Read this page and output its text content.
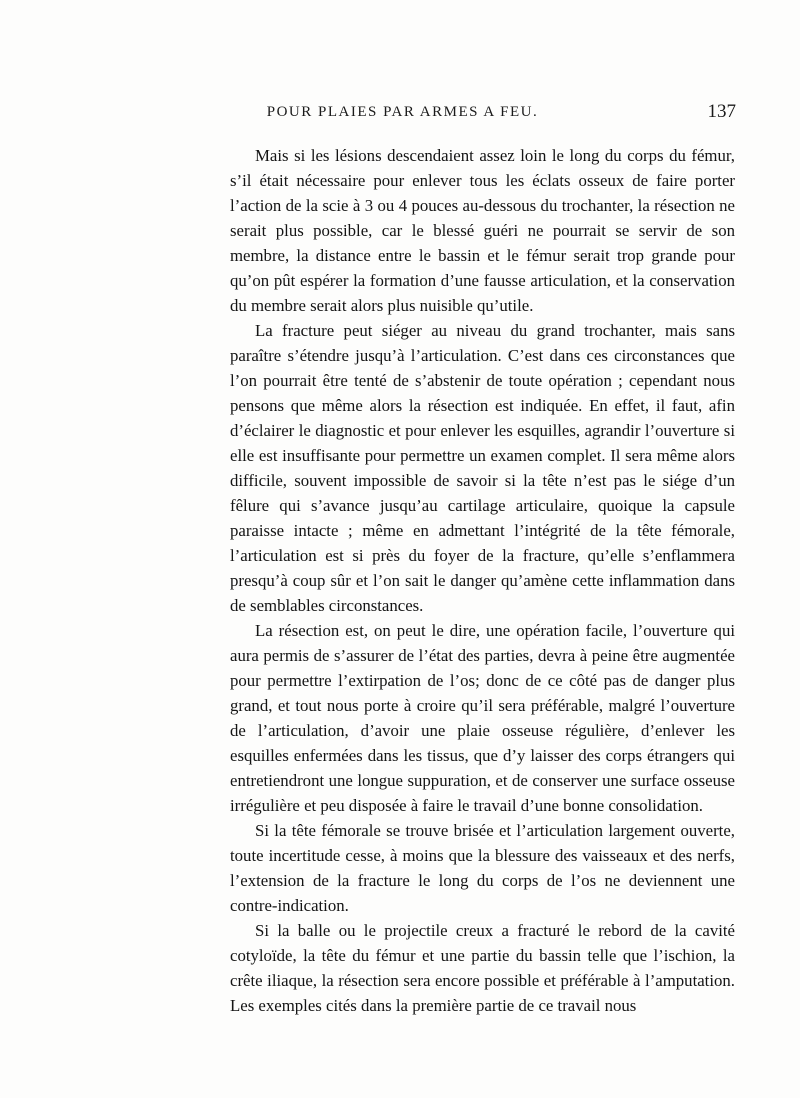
POUR PLAIES PAR ARMES A FEU.	137

Mais si les lésions descendaient assez loin le long du corps du fémur, s’il était nécessaire pour enlever tous les éclats osseux de faire porter l’action de la scie à 3 ou 4 pouces au-dessous du trochanter, la résection ne serait plus possible, car le blessé guéri ne pourrait se servir de son membre, la distance entre le bassin et le fémur serait trop grande pour qu’on pût espérer la formation d’une fausse articulation, et la conservation du membre serait alors plus nuisible qu’utile.

La fracture peut siéger au niveau du grand trochanter, mais sans paraître s’étendre jusqu’à l’articulation. C’est dans ces circonstances que l’on pourrait être tenté de s’abstenir de toute opération ; cependant nous pensons que même alors la résection est indiquée. En effet, il faut, afin d’éclairer le diagnostic et pour enlever les esquilles, agrandir l’ouverture si elle est insuffisante pour permettre un examen complet. Il sera même alors difficile, souvent impossible de savoir si la tête n’est pas le siége d’un fêlure qui s’avance jusqu’au cartilage articulaire, quoique la capsule paraisse intacte ; même en admettant l’intégrité de la tête fémorale, l’articulation est si près du foyer de la fracture, qu’elle s’enflammera presqu’à coup sûr et l’on sait le danger qu’amène cette inflammation dans de semblables circonstances.

La résection est, on peut le dire, une opération facile, l’ouverture qui aura permis de s’assurer de l’état des parties, devra à peine être augmentée pour permettre l’extirpation de l’os; donc de ce côté pas de danger plus grand, et tout nous porte à croire qu’il sera préférable, malgré l’ouverture de l’articulation, d’avoir une plaie osseuse régulière, d’enlever les esquilles enfermées dans les tissus, que d’y laisser des corps étrangers qui entretiendront une longue suppuration, et de conserver une surface osseuse irrégulière et peu disposée à faire le travail d’une bonne consolidation.

Si la tête fémorale se trouve brisée et l’articulation largement ouverte, toute incertitude cesse, à moins que la blessure des vaisseaux et des nerfs, l’extension de la fracture le long du corps de l’os ne deviennent une contre-indication.

Si la balle ou le projectile creux a fracturé le rebord de la cavité cotyloïde, la tête du fémur et une partie du bassin telle que l’ischion, la crête iliaque, la résection sera encore possible et préférable à l’amputation. Les exemples cités dans la première partie de ce travail nous
